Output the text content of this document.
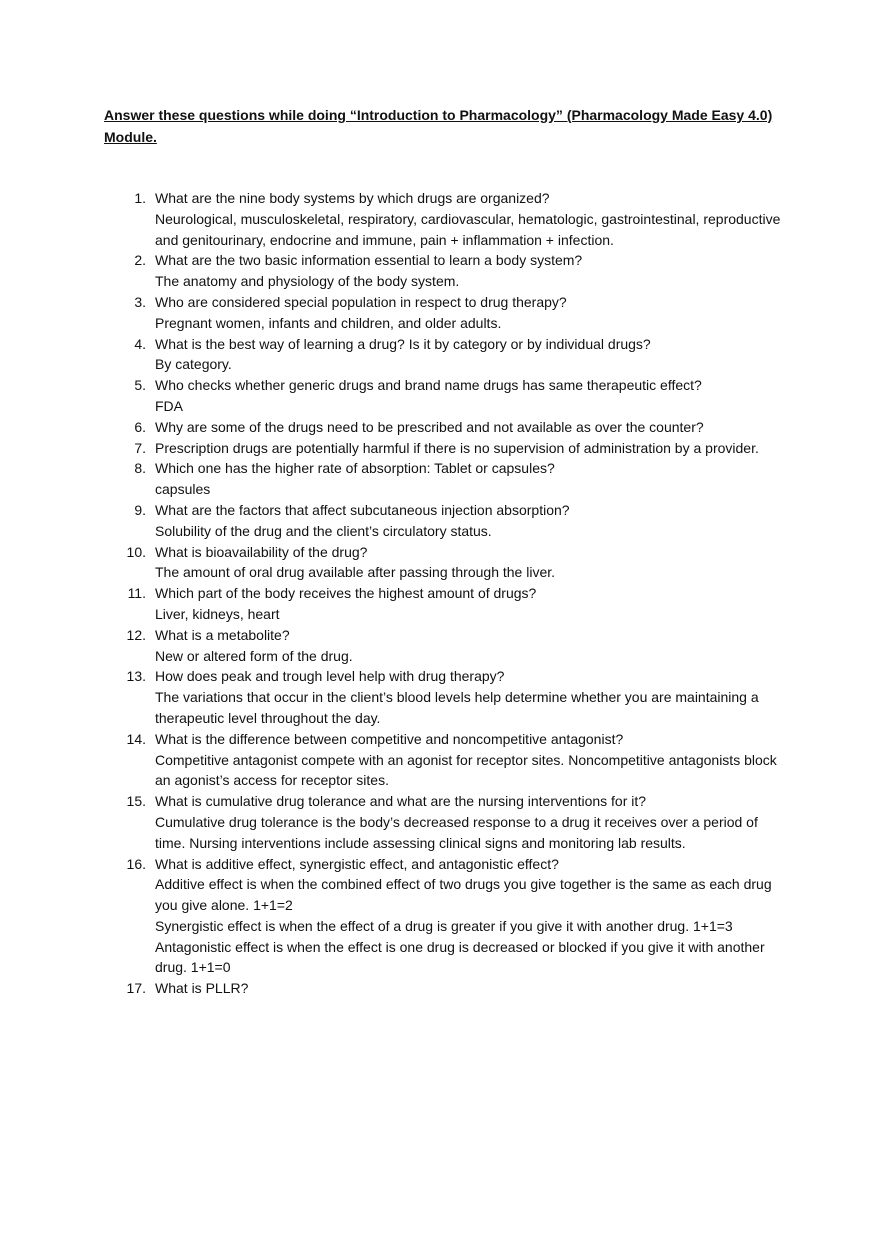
Answer these questions while doing “Introduction to Pharmacology” (Pharmacology Made Easy 4.0) Module.
1. What are the nine body systems by which drugs are organized?
Neurological, musculoskeletal, respiratory, cardiovascular, hematologic, gastrointestinal, reproductive and genitourinary, endocrine and immune, pain + inflammation + infection.
2. What are the two basic information essential to learn a body system?
The anatomy and physiology of the body system.
3. Who are considered special population in respect to drug therapy?
Pregnant women, infants and children, and older adults.
4. What is the best way of learning a drug? Is it by category or by individual drugs?
By category.
5. Who checks whether generic drugs and brand name drugs has same therapeutic effect?
FDA
6. Why are some of the drugs need to be prescribed and not available as over the counter?
7. Prescription drugs are potentially harmful if there is no supervision of administration by a provider.
8. Which one has the higher rate of absorption: Tablet or capsules?
capsules
9. What are the factors that affect subcutaneous injection absorption?
Solubility of the drug and the client’s circulatory status.
10. What is bioavailability of the drug?
The amount of oral drug available after passing through the liver.
11. Which part of the body receives the highest amount of drugs?
Liver, kidneys, heart
12. What is a metabolite?
New or altered form of the drug.
13. How does peak and trough level help with drug therapy?
The variations that occur in the client’s blood levels help determine whether you are maintaining a therapeutic level throughout the day.
14. What is the difference between competitive and noncompetitive antagonist?
Competitive antagonist compete with an agonist for receptor sites. Noncompetitive antagonists block an agonist’s access for receptor sites.
15. What is cumulative drug tolerance and what are the nursing interventions for it?
Cumulative drug tolerance is the body’s decreased response to a drug it receives over a period of time. Nursing interventions include assessing clinical signs and monitoring lab results.
16. What is additive effect, synergistic effect, and antagonistic effect?
Additive effect is when the combined effect of two drugs you give together is the same as each drug you give alone. 1+1=2
Synergistic effect is when the effect of a drug is greater if you give it with another drug. 1+1=3
Antagonistic effect is when the effect is one drug is decreased or blocked if you give it with another drug. 1+1=0
17. What is PLLR?
